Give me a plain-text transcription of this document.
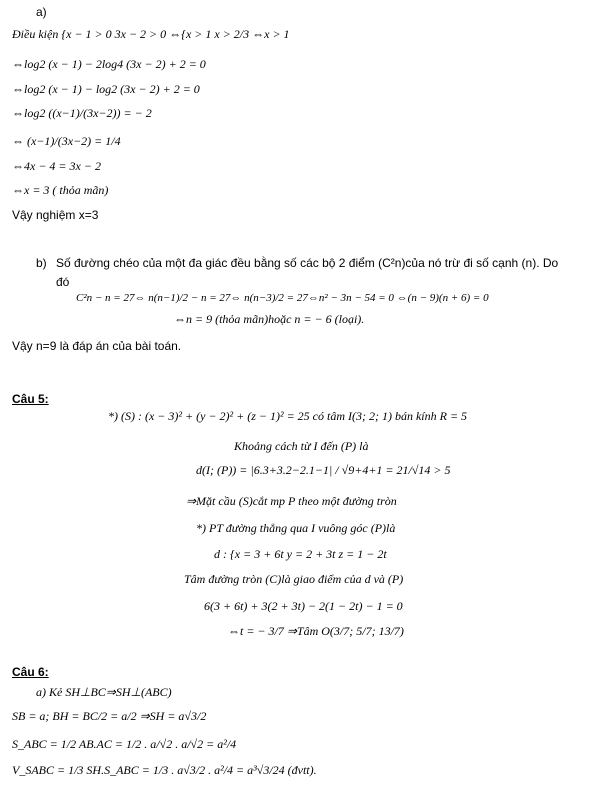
a)
Điều kiện {x − 1 > 0 3x − 2 > 0 ⇔{x > 1 x > 2/3 ⇔x > 1
⇔log2 (x − 1) − 2log4 (3x − 2) + 2 = 0
⇔log2 (x − 1) − log2 (3x − 2) + 2 = 0
⇔log2 ((x−1)/(3x−2)) = − 2
⇔ (x−1)/(3x−2) = 1/4
⇔4x − 4 = 3x − 2
⇔x = 3 ( thỏa mãn)
Vậy nghiệm x=3
b) Số đường chéo của một đa giác đều bằng số các bộ 2 điểm (C²n)của nó trừ đi số cạnh (n). Do
đó
C²n − n = 27⇔ n(n−1)/2 − n = 27⇔ n(n−3)/2 = 27⇔n² − 3n − 54 = 0 ⇔(n − 9)(n + 6) = 0
⇔n = 9 (thỏa mãn)hoặc n = − 6 (loại).
Vậy n=9 là đáp án của bài toán.
Câu 5:
*) (S) : (x − 3)² + (y − 2)² + (z − 1)² = 25 có tâm I(3; 2; 1) bán kính R = 5
Khoảng cách từ I đến (P) là
d(I; (P)) = |6.3+3.2−2.1−1| / √9+4+1 = 21/√14 > 5
⇒Mặt cầu (S)cắt mp P theo một đường tròn
*) PT đường thẳng qua I vuông góc (P)là
d : {x = 3 + 6t y = 2 + 3t z = 1 − 2t
Tâm đường tròn (C)là giao điểm của d và (P)
6(3 + 6t) + 3(2 + 3t) − 2(1 − 2t) − 1 = 0
⇔t = − 3/7 ⇒Tâm O(3/7; 5/7; 13/7)
Câu 6:
a) Kẻ SH⊥BC⇒SH⊥(ABC)
SB = a; BH = BC/2 = a/2 ⇒SH = a√3/2
S_ABC = 1/2 AB.AC = 1/2 . a/√2 . a/√2 = a²/4
V_SABC = 1/3 SH.S_ABC = 1/3 . a√3/2 . a²/4 = a³√3/24 (đvtt).
